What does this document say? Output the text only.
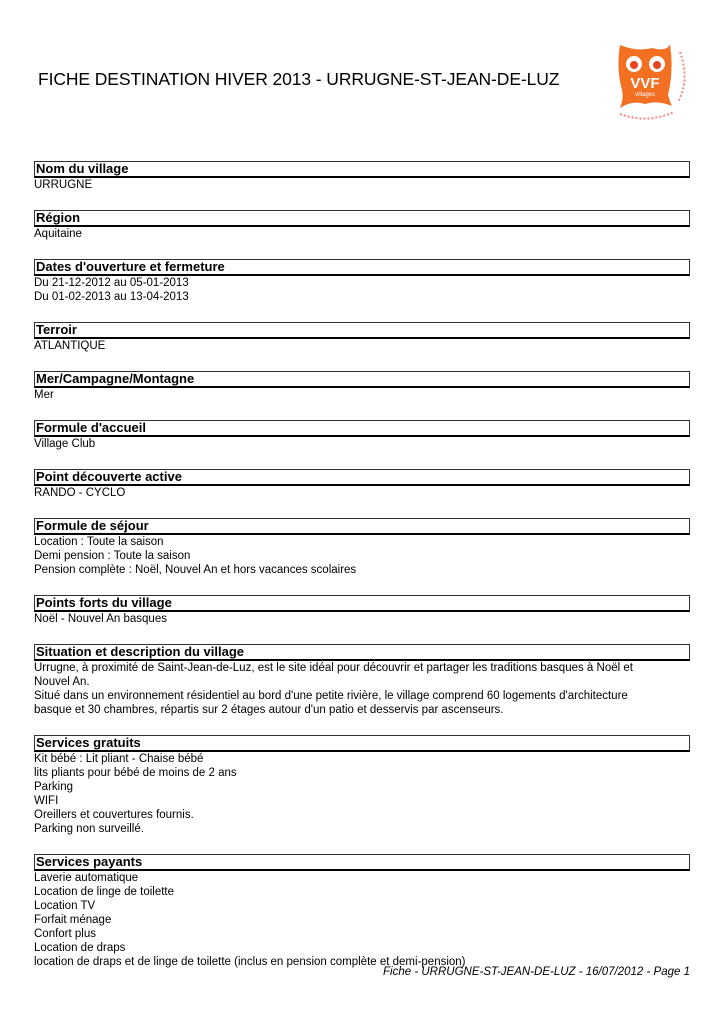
FICHE DESTINATION HIVER 2013 - URRUGNE-ST-JEAN-DE-LUZ	VVF
villages
Nom du village
URRUGNE
Région
Aquitaine
Dates d'ouverture et fermeture
Du 21-12-2012 au 05-01-2013
Du 01-02-2013 au 13-04-2013
Terroir
ATLANTIQUE
Mer/Campagne/Montagne
Mer
Formule d'accueil
Village Club
Point découverte active
RANDO - CYCLO
Formule de séjour
Location : Toute la saison
Demi pension : Toute la saison
Pension complète : Noël, Nouvel An et hors vacances scolaires
Points forts du village
Noël - Nouvel An basques
Situation et description du village
Urrugne, à proximité de Saint-Jean-de-Luz, est le site idéal pour découvrir et partager les traditions basques à Noël et
Nouvel An.
Situé dans un environnement résidentiel au bord d'une petite rivière, le village comprend 60 logements d'architecture
basque et 30 chambres, répartis sur 2 étages autour d'un patio et desservis par ascenseurs.
Services gratuits
Kit bébé : Lit pliant - Chaise bébé
lits pliants pour bébé de moins de 2 ans
Parking
WIFI
Oreillers et couvertures fournis.
Parking non surveillé.
Services payants
Laverie automatique
Location de linge de toilette
Location TV
Forfait ménage
Confort plus
Location de draps
location de draps et de linge de toilette (inclus en pension complète et demi-pension)
Fiche - URRUGNE-ST-JEAN-DE-LUZ - 16/07/2012 - Page 1
